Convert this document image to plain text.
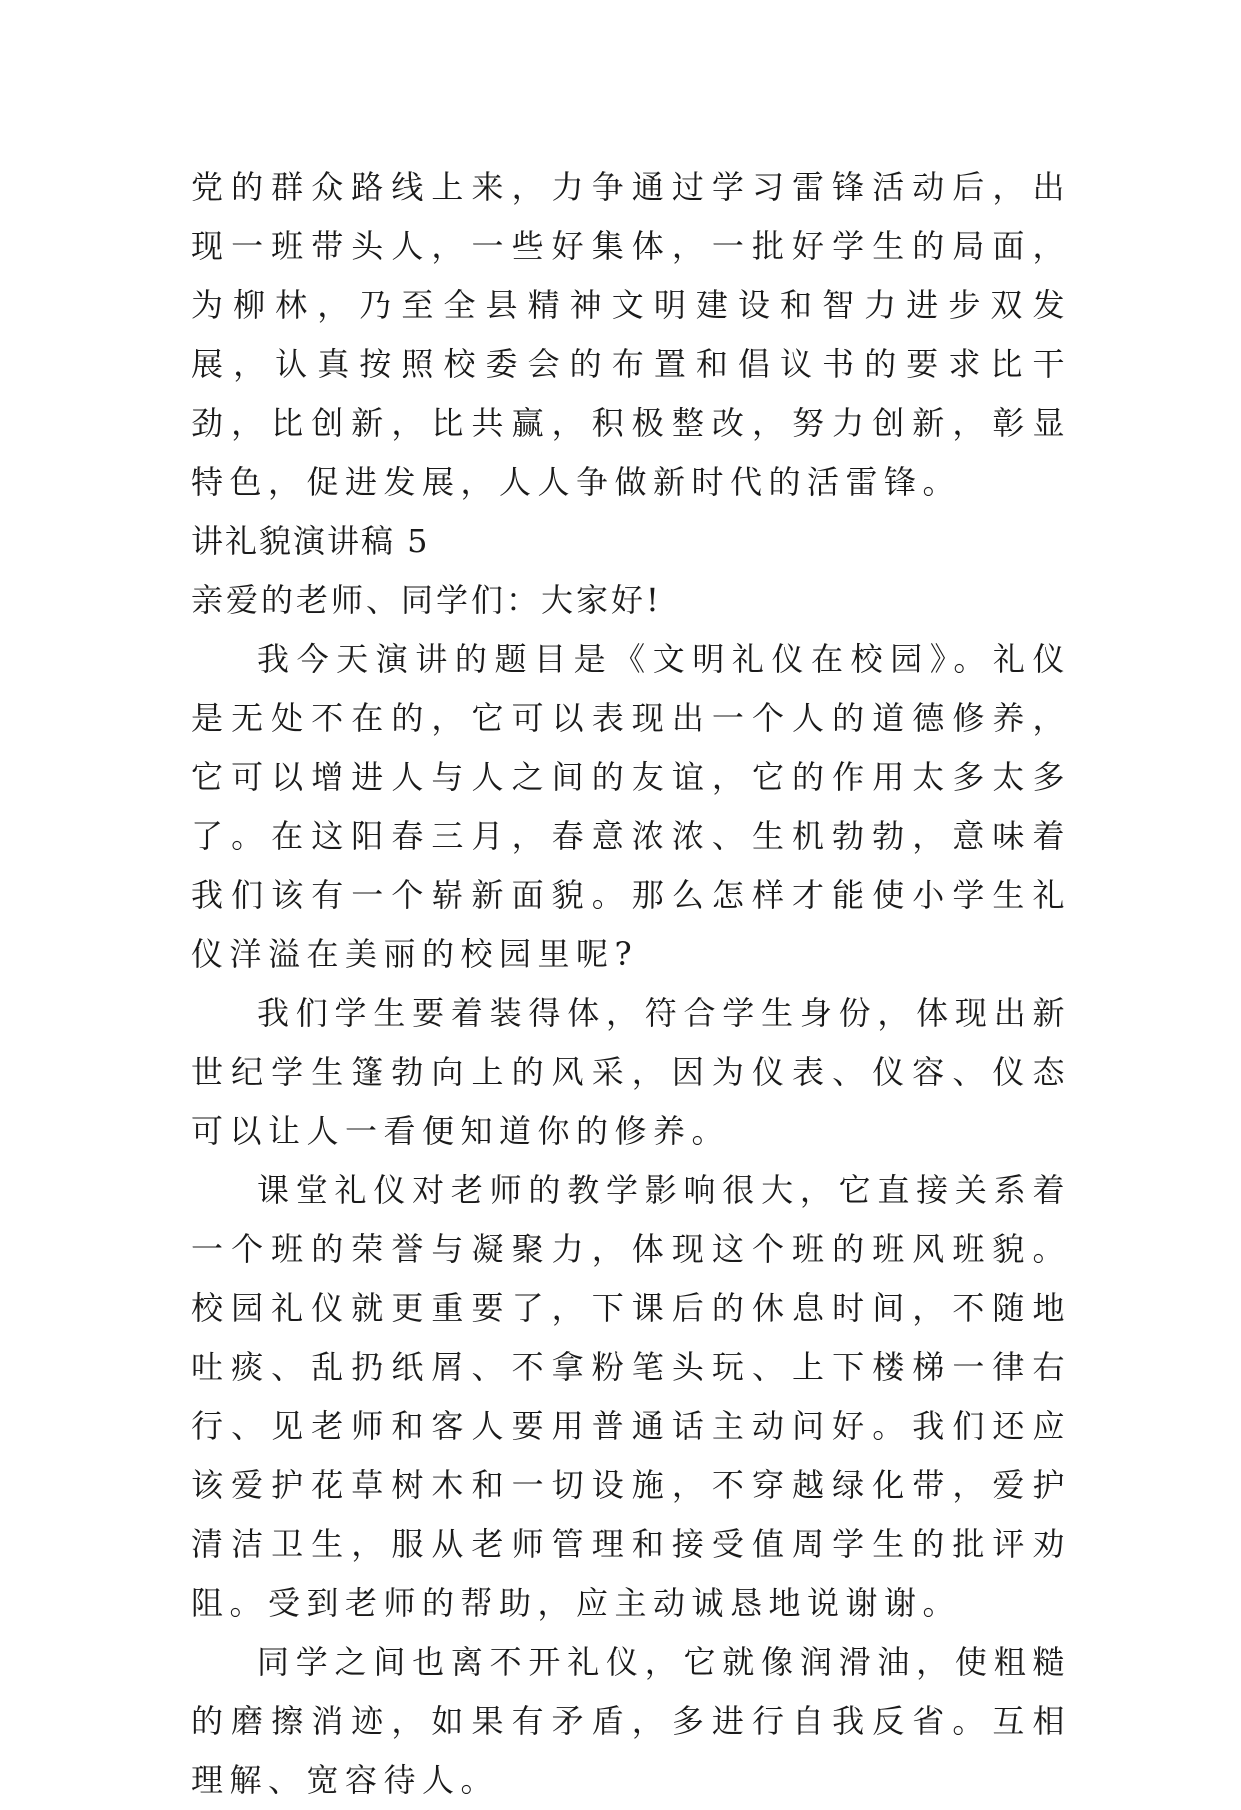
党的群众路线上来，力争通过学习雷锋活动后，出现一班带头人，一些好集体，一批好学生的局面，为柳林，乃至全县精神文明建设和智力进步双发展，认真按照校委会的布置和倡议书的要求比干劲，比创新，比共赢，积极整改，努力创新，彰显特色，促进发展，人人争做新时代的活雷锋。

讲礼貌演讲稿 5

亲爱的老师、同学们：大家好!

我今天演讲的题目是《文明礼仪在校园》。礼仪是无处不在的，它可以表现出一个人的道德修养，它可以增进人与人之间的友谊，它的作用太多太多了。在这阳春三月，春意浓浓、生机勃勃，意味着我们该有一个崭新面貌。那么怎样才能使小学生礼仪洋溢在美丽的校园里呢?

我们学生要着装得体，符合学生身份，体现出新世纪学生篷勃向上的风采，因为仪表、仪容、仪态可以让人一看便知道你的修养。

课堂礼仪对老师的教学影响很大，它直接关系着一个班的荣誉与凝聚力，体现这个班的班风班貌。校园礼仪就更重要了，下课后的休息时间，不随地吐痰、乱扔纸屑、不拿粉笔头玩、上下楼梯一律右行、见老师和客人要用普通话主动问好。我们还应该爱护花草树木和一切设施，不穿越绿化带，爱护清洁卫生，服从老师管理和接受值周学生的批评劝阻。受到老师的帮助，应主动诚恳地说谢谢。

同学之间也离不开礼仪，它就像润滑油，使粗糙的磨擦消迹，如果有矛盾，多进行自我反省。互相理解、宽容待人。
